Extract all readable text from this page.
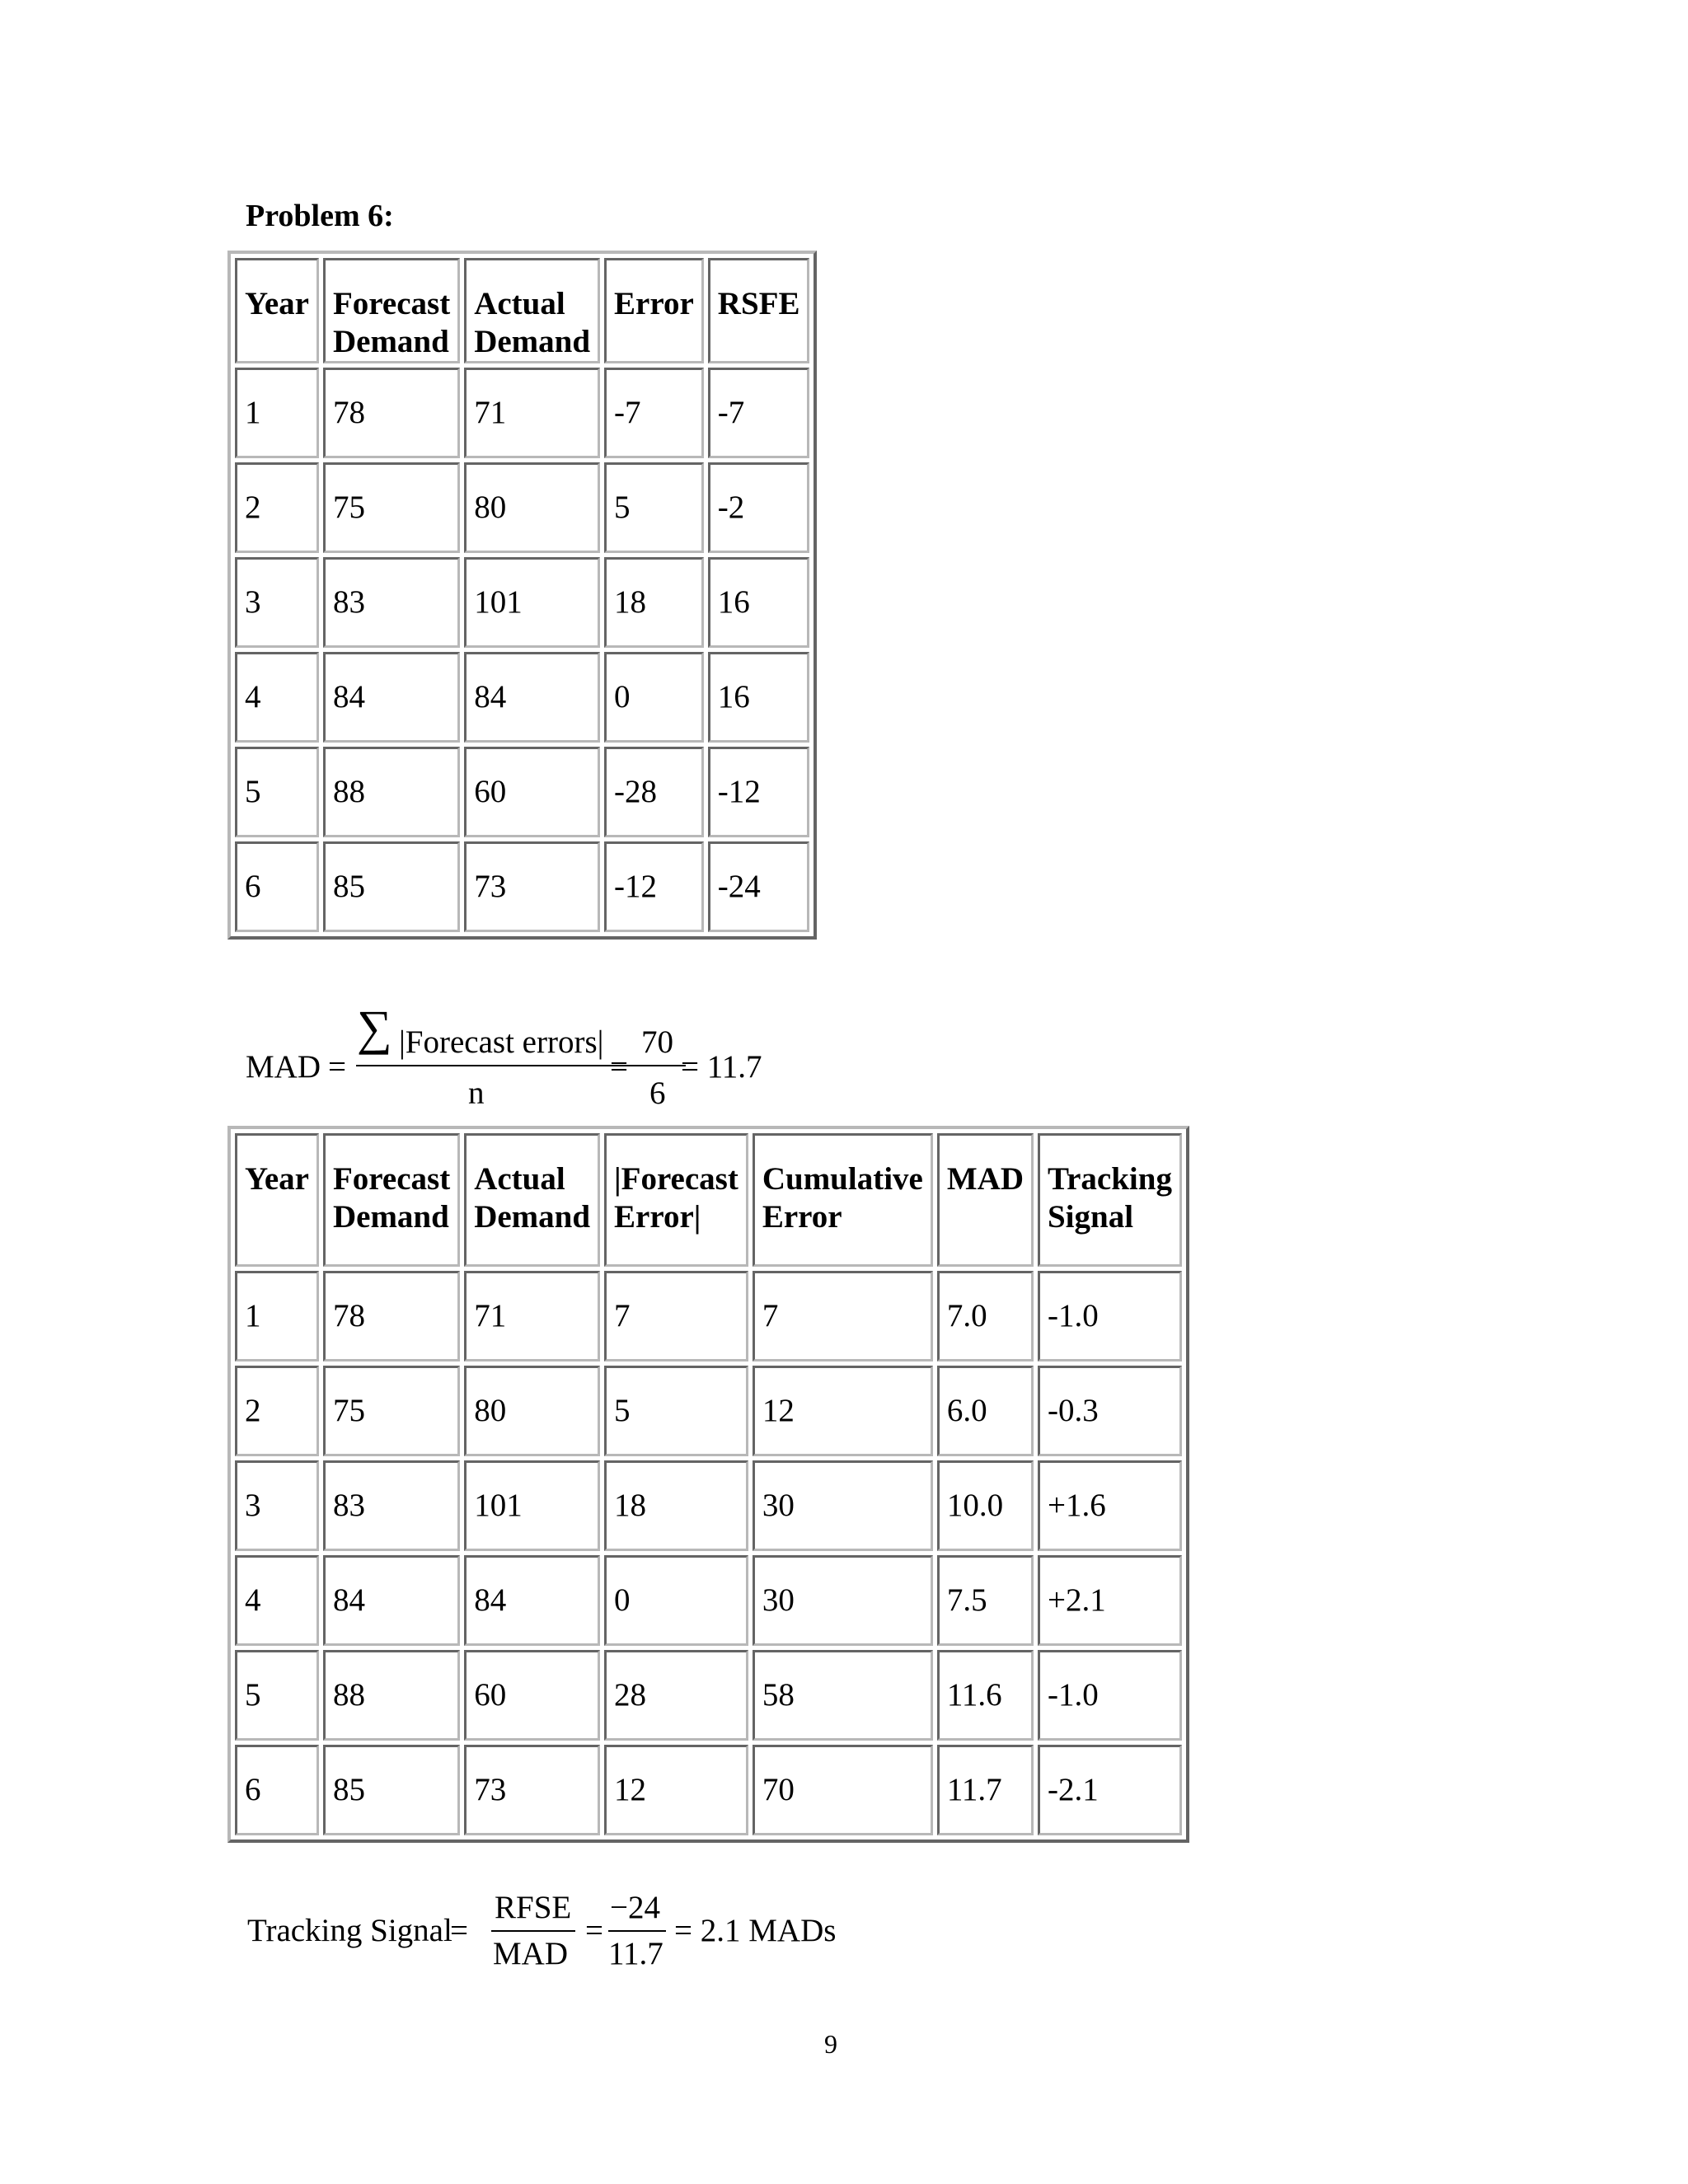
Problem 6:
Year	Forecast Demand	Actual Demand	Error	RSFE
1	78	71	-7	-7
2	75	80	5	-2
3	83	101	18	16
4	84	84	0	16
5	88	60	-28	-12
6	85	73	-12	-24
MAD =
∑ |Forecast errors|
n
=
70
6
= 11.7
Year	Forecast Demand	Actual Demand	|Forecast Error|	Cumulative Error	MAD	Tracking Signal
1	78	71	7	7	7.0	-1.0
2	75	80	5	12	6.0	-0.3
3	83	101	18	30	10.0	+1.6
4	84	84	0	30	7.5	+2.1
5	88	60	28	58	11.6	-1.0
6	85	73	12	70	11.7	-2.1
Tracking Signal
=
RFSE
MAD
=
−24
11.7
= 2.1 MADs
9
